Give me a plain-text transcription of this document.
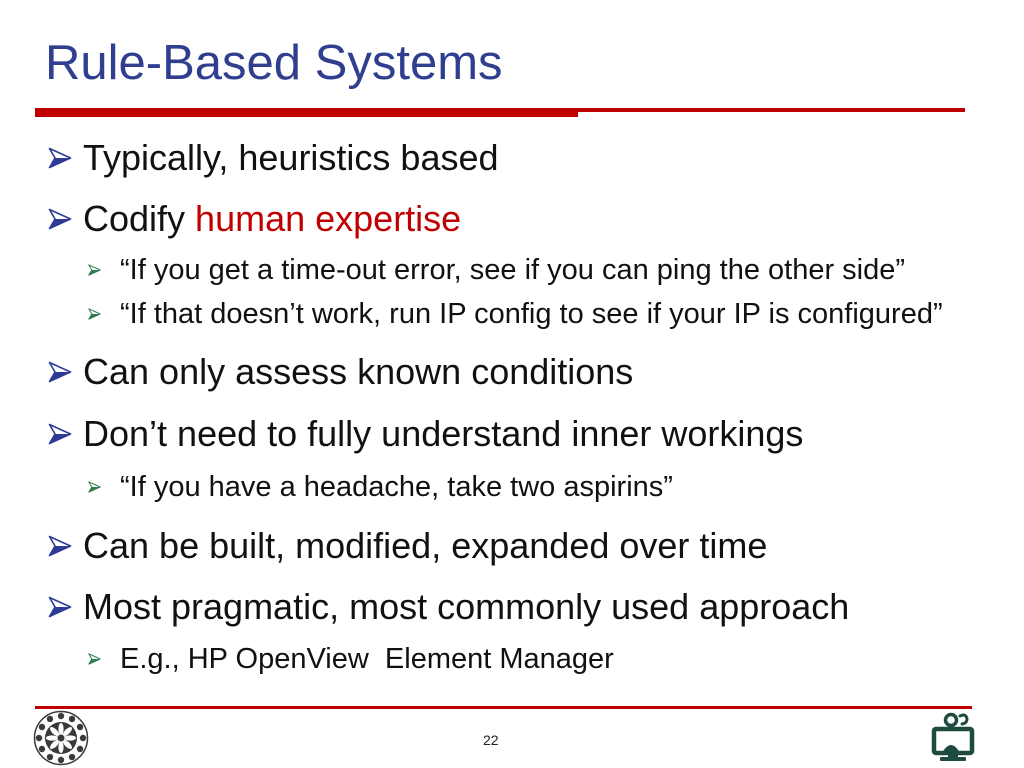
Rule-Based Systems
Typically, heuristics based
Codify human expertise
“If you get a time-out error, see if you can ping the other side”
“If that doesn’t work, run IP config to see if your IP is configured”
Can only assess known conditions
Don’t need to fully understand inner workings
“If you have a headache, take two aspirins”
Can be built, modified, expanded over time
Most pragmatic, most commonly used approach
E.g., HP OpenView  Element Manager
22
